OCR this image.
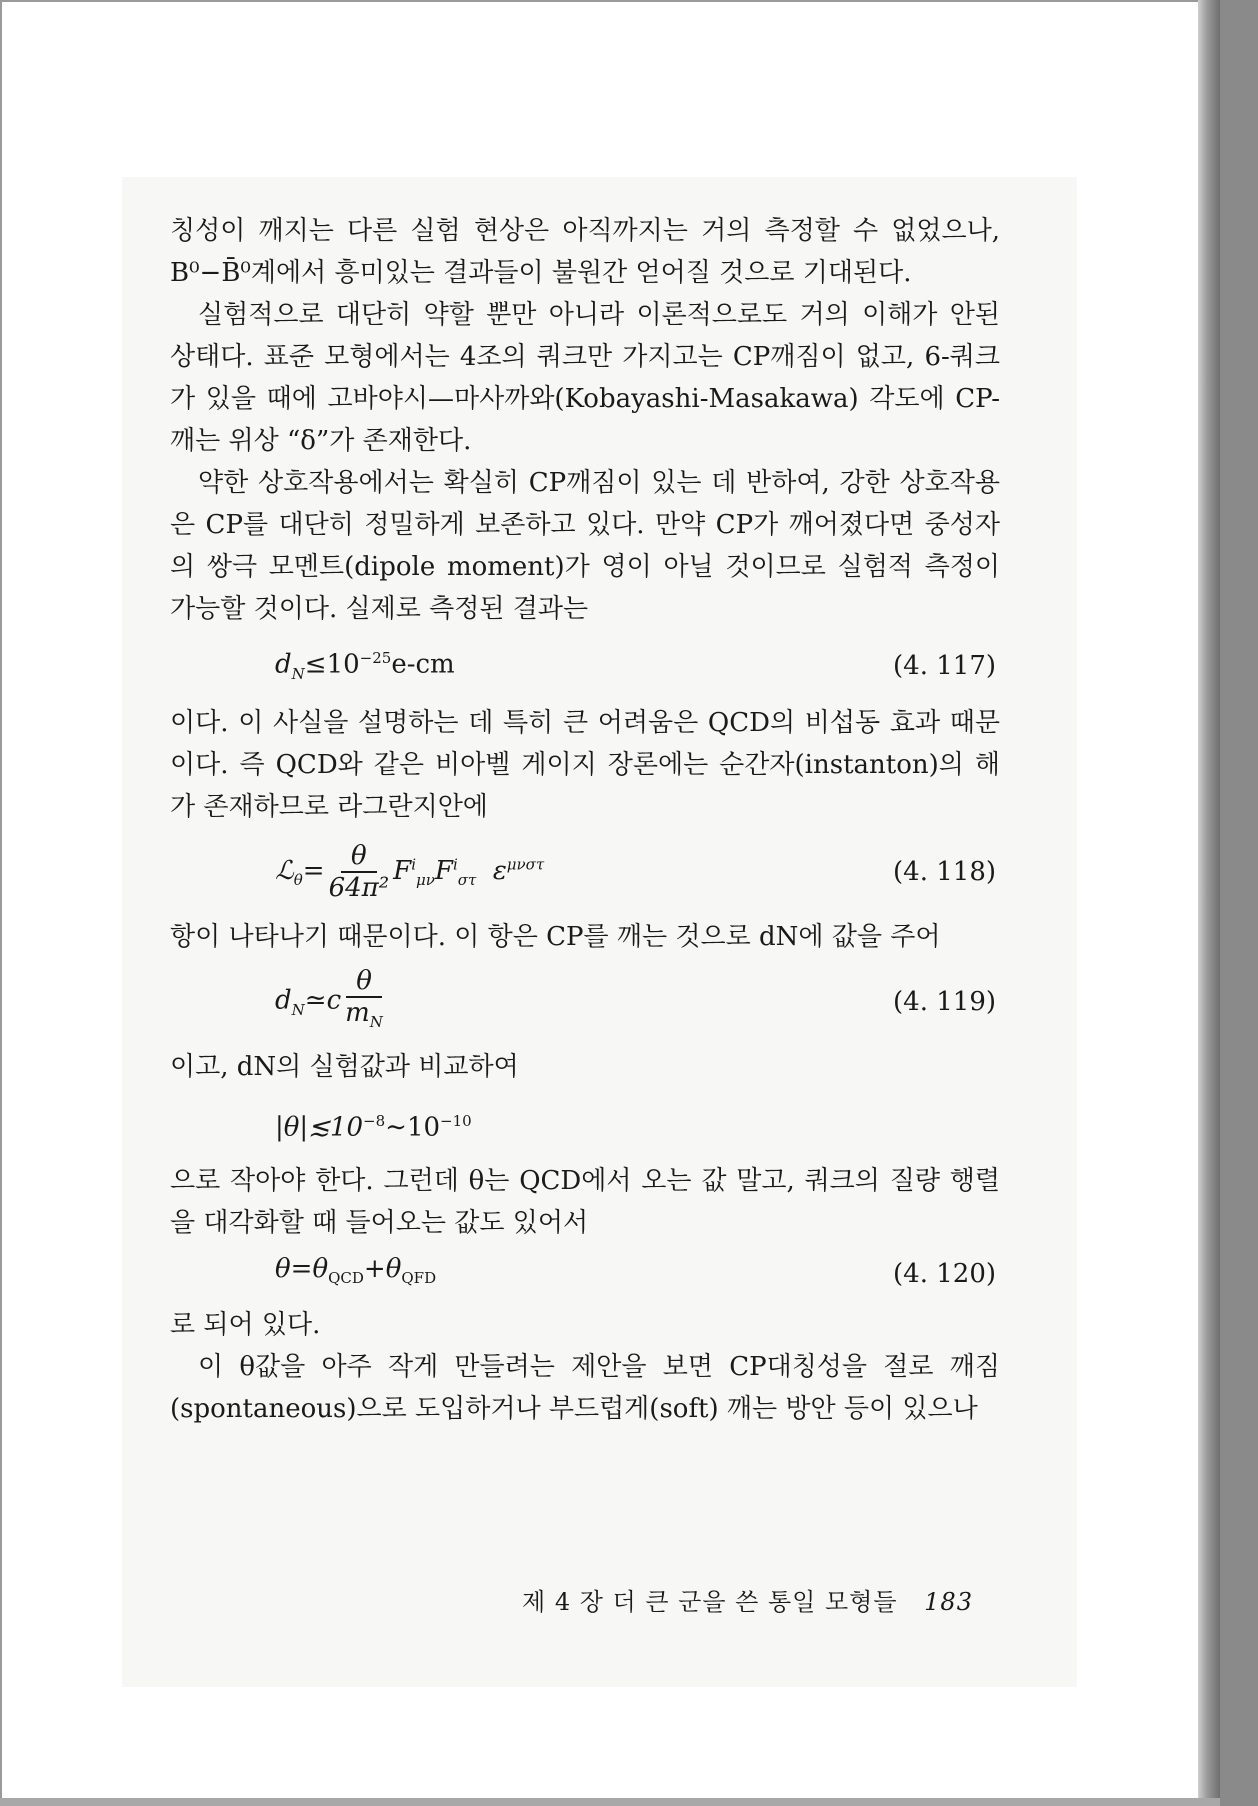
칭성이 깨지는 다른 실험 현상은 아직까지는 거의 측정할 수 없었으나, B⁰−B̄⁰계에서 흥미있는 결과들이 불원간 얻어질 것으로 기대된다.

실험적으로 대단히 약할 뿐만 아니라 이론적으로도 거의 이해가 안된 상태다. 표준 모형에서는 4조의 쿼크만 가지고는 CP깨짐이 없고, 6-쿼크가 있을 때에 고바야시—마사까와(Kobayashi-Masakawa) 각도에 CP-깨는 위상 “δ”가 존재한다.

약한 상호작용에서는 확실히 CP깨짐이 있는 데 반하여, 강한 상호작용은 CP를 대단히 정밀하게 보존하고 있다. 만약 CP가 깨어졌다면 중성자의 쌍극 모멘트(dipole moment)가 영이 아닐 것이므로 실험적 측정이 가능할 것이다. 실제로 측정된 결과는

$d_N\le 10^{-25}e-cm$	(4. 117)

이다. 이 사실을 설명하는 데 특히 큰 어려움은 QCD의 비섭동 효과 때문이다. 즉 QCD와 같은 비아벨 게이지 장론에는 순간자(instanton)의 해가 존재하므로 라그란지안에

ℒ$_\theta$= $\frac{\theta}{\text{64π²}} F^i_{\mu\nu}F^i_{\sigma\tau}$ $\varepsilon^{\mu\nu\sigma\tau}$	(4. 118)

항이 나타나기 때문이다. 이 항은 CP를 깨는 것으로 dN에 값을 주어

$d_N≃c \frac{\theta}{m_N}$	(4. 119)

이고, dN의 실험값과 비교하여

$|\theta|≲10^{-8}\sim 10^{-10}$

으로 작아야 한다. 그런데 θ는 QCD에서 오는 값 말고, 쿼크의 질량 행렬을 대각화할 때 들어오는 값도 있어서

$\theta=\theta_{QCD}+\theta_{QFD}$	(4. 120)

로 되어 있다.

이 θ값을 아주 작게 만들려는 제안을 보면 CP대칭성을 절로 깨짐(spontaneous)으로 도입하거나 부드럽게(soft) 깨는 방안 등이 있으나

제 4 장 더 큰 군을 쓴 통일 모형들 183
